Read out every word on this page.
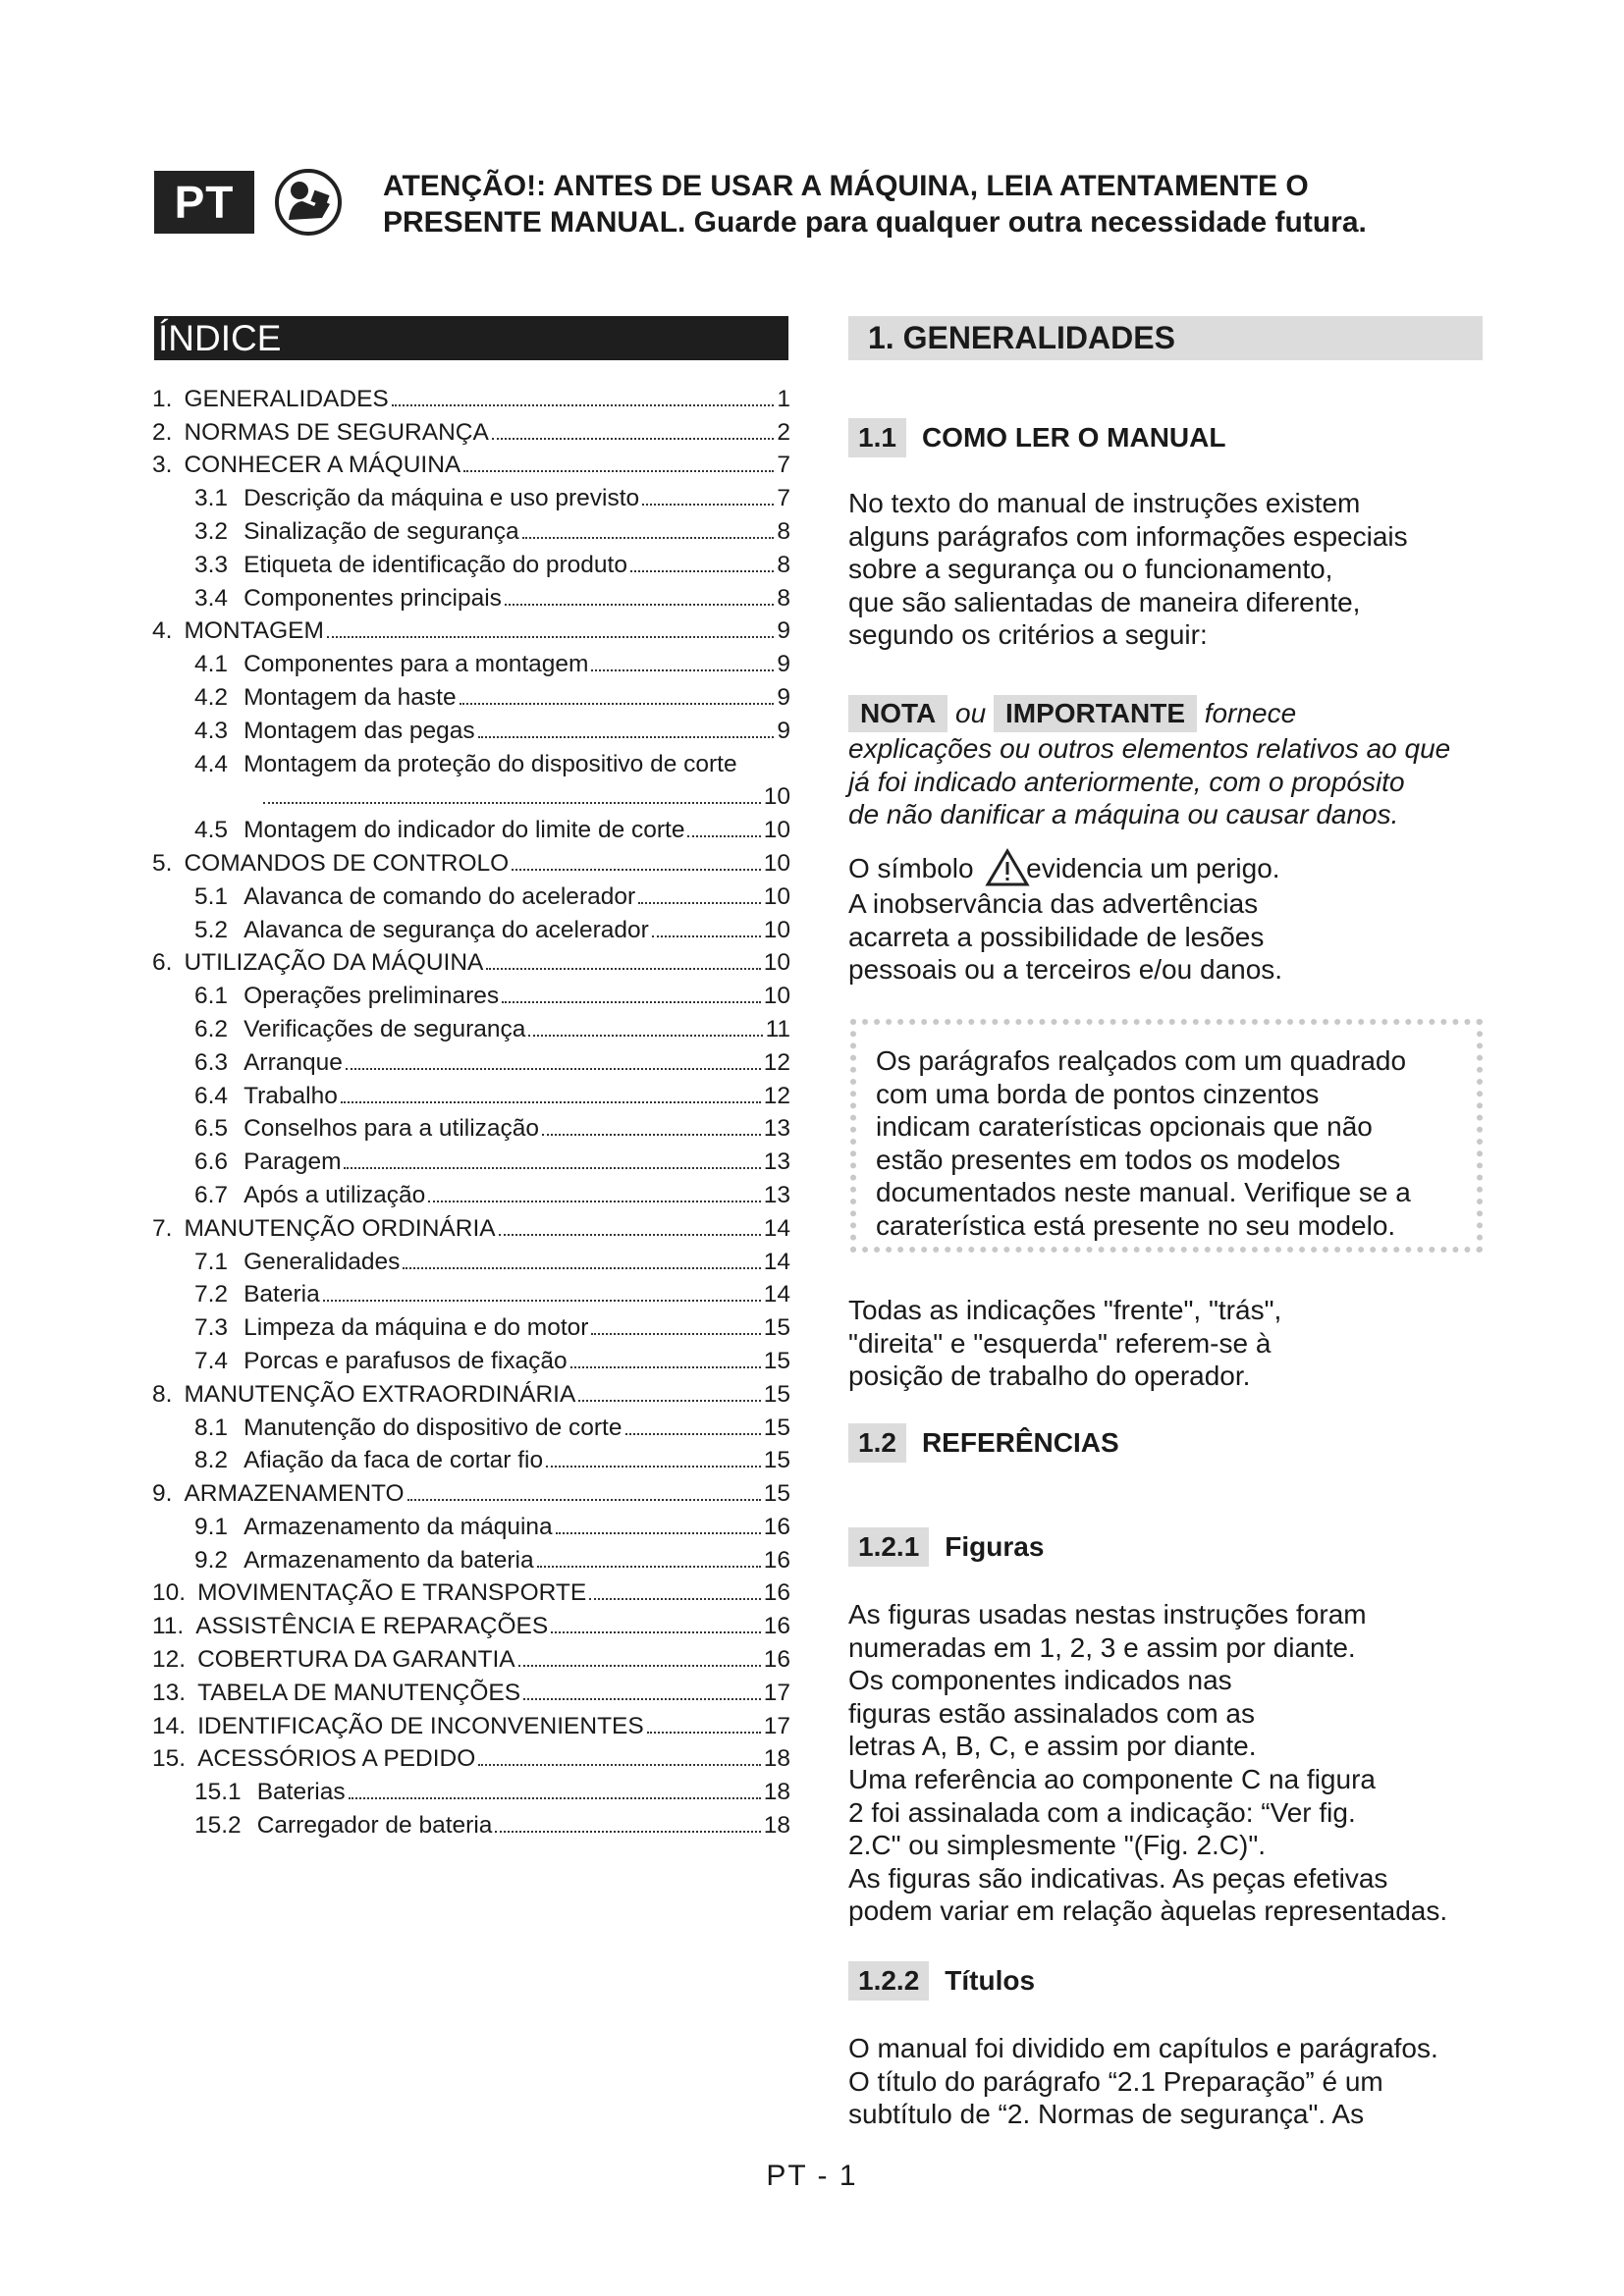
PT	ATENÇÃO!: ANTES DE USAR A MÁQUINA, LEIA ATENTAMENTE O
PRESENTE MANUAL. Guarde para qualquer outra necessidade futura.
ÍNDICE
1. GENERALIDADES	1
2. NORMAS DE SEGURANÇA	2
3. CONHECER A MÁQUINA	7
3.1 Descrição da máquina e uso previsto	7
3.2 Sinalização de segurança	8
3.3 Etiqueta de identificação do produto	8
3.4 Componentes principais	8
4. MONTAGEM	9
4.1 Componentes para a montagem	9
4.2 Montagem da haste	9
4.3 Montagem das pegas	9
4.4 Montagem da proteção do dispositivo de corte
10
4.5 Montagem do indicador do limite de corte	10
5. COMANDOS DE CONTROLO	10
5.1 Alavanca de comando do acelerador	10
5.2 Alavanca de segurança do acelerador	10
6. UTILIZAÇÃO DA MÁQUINA	10
6.1 Operações preliminares	10
6.2 Verificações de segurança	11
6.3 Arranque	12
6.4 Trabalho	12
6.5 Conselhos para a utilização	13
6.6 Paragem	13
6.7 Após a utilização	13
7. MANUTENÇÃO ORDINÁRIA	14
7.1 Generalidades	14
7.2 Bateria	14
7.3 Limpeza da máquina e do motor	15
7.4 Porcas e parafusos de fixação	15
8. MANUTENÇÃO EXTRAORDINÁRIA	15
8.1 Manutenção do dispositivo de corte	15
8.2 Afiação da faca de cortar fio	15
9. ARMAZENAMENTO	15
9.1 Armazenamento da máquina	16
9.2 Armazenamento da bateria	16
10. MOVIMENTAÇÃO E TRANSPORTE	16
11. ASSISTÊNCIA E REPARAÇÕES	16
12. COBERTURA DA GARANTIA	16
13. TABELA DE MANUTENÇÕES	17
14. IDENTIFICAÇÃO DE INCONVENIENTES	17
15. ACESSÓRIOS A PEDIDO	18
15.1 Baterias	18
15.2 Carregador de bateria	18
1. GENERALIDADES
1.1 COMO LER O MANUAL
No texto do manual de instruções existem
alguns parágrafos com informações especiais
sobre a segurança ou o funcionamento,
que são salientadas de maneira diferente,
segundo os critérios a seguir:
NOTA ou IMPORTANTE fornece
explicações ou outros elementos relativos ao que
já foi indicado anteriormente, com o propósito
de não danificar a máquina ou causar danos.
O símbolo evidencia um perigo.
A inobservância das advertências
acarreta a possibilidade de lesões
pessoais ou a terceiros e/ou danos.
Os parágrafos realçados com um quadrado
com uma borda de pontos cinzentos
indicam caraterísticas opcionais que não
estão presentes em todos os modelos
documentados neste manual. Verifique se a
caraterística está presente no seu modelo.
Todas as indicações "frente", "trás",
"direita" e "esquerda" referem-se à
posição de trabalho do operador.
1.2 REFERÊNCIAS
1.2.1 Figuras
As figuras usadas nestas instruções foram
numeradas em 1, 2, 3 e assim por diante.
Os componentes indicados nas
figuras estão assinalados com as
letras A, B, C, e assim por diante.
Uma referência ao componente C na figura
2 foi assinalada com a indicação: “Ver fig.
2.C" ou simplesmente "(Fig. 2.C)".
As figuras são indicativas. As peças efetivas
podem variar em relação àquelas representadas.
1.2.2 Títulos
O manual foi dividido em capítulos e parágrafos.
O título do parágrafo “2.1 Preparação” é um
subtítulo de “2. Normas de segurança". As
PT - 1
